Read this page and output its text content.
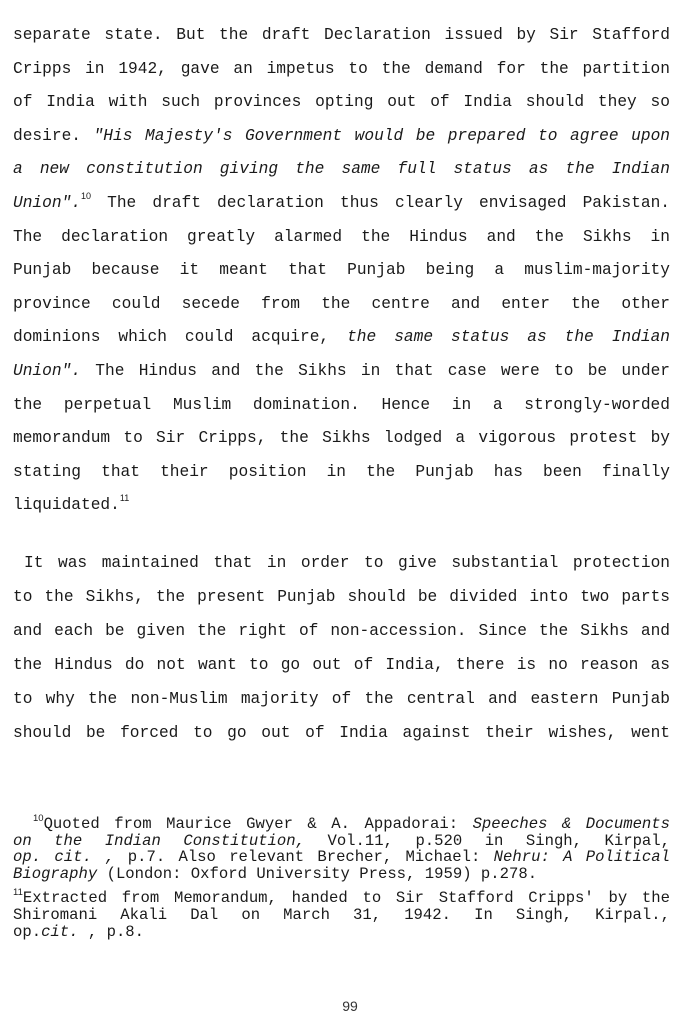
separate state. But the draft Declaration issued by Sir Stafford
Cripps in 1942, gave an impetus to the demand for the partition
of India with such provinces opting out of India should they so
desire. "His Majesty's Government would be prepared to agree upon
a new constitution giving the same full status as the Indian
Union".$^{10}$ The draft declaration thus clearly envisaged Pakistan.
The declaration greatly alarmed the Hindus and the Sikhs in
Punjab because it meant that Punjab being a muslim-majority
province could secede from the centre and enter the other
dominions which could acquire, the same status as the Indian
Union". The Hindus and the Sikhs in that case were to be under
the perpetual Muslim domination. Hence in a strongly-worded
memorandum to Sir Cripps, the Sikhs lodged a vigorous protest by
stating that their position in the Punjab has been finally
liquidated.$^{11}$
It was maintained that in order to give substantial protection
to the Sikhs, the present Punjab should be divided into two parts
and each be given the right of non-accession. Since the Sikhs and
the Hindus do not want to go out of India, there is no reason as
to why the non-Muslim majority of the central and eastern Punjab
should be forced to go out of India against their wishes, went
$^{10}$Quoted from Maurice Gwyer & A. Appadorai: Speeches & Documents
on the Indian Constitution, Vol.11, p.520 in Singh, Kirpal,
op. cit. , p.7. Also relevant Brecher, Michael: Nehru: A Political
Biography (London: Oxford University Press, 1959) p.278.
$^{11}$Extracted from Memorandum, handed to Sir Stafford Cripps' by the
Shiromani Akali Dal on March 31, 1942. In Singh, Kirpal.,
op.cit. , p.8.
99
